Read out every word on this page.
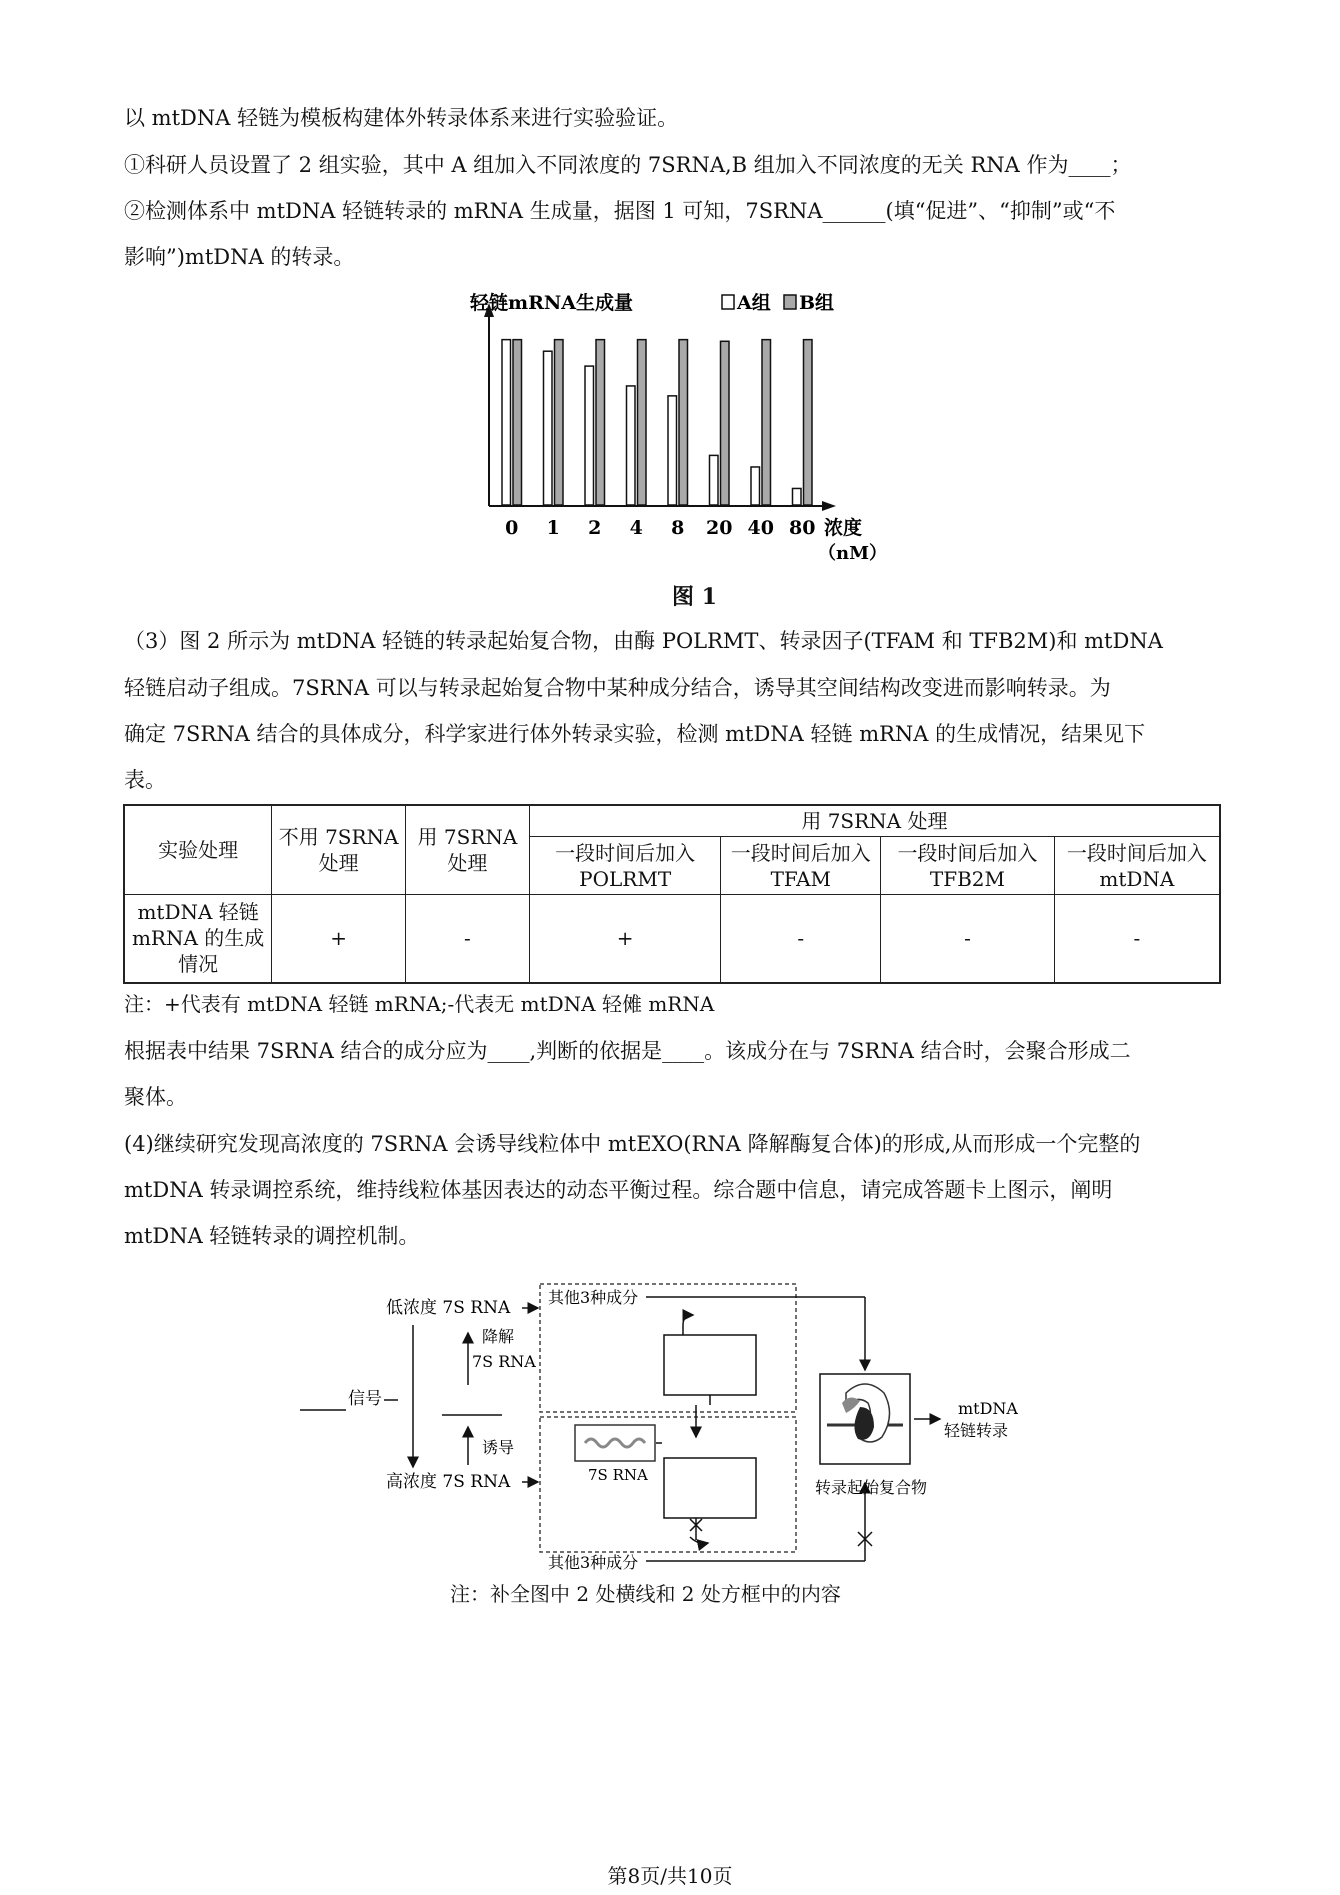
以 mtDNA 轻链为模板构建体外转录体系来进行实验验证。
①科研人员设置了 2 组实验，其中 A 组加入不同浓度的 7SRNA,B 组加入不同浓度的无关 RNA 作为____；
②检测体系中 mtDNA 轻链转录的 mRNA 生成量，据图 1 可知，7SRNA______(填“促进”、“抑制”或“不
影响”)mtDNA 的转录。
0 1 2 4 8 20 40 80
轻链mRNA生成量	A组 B组
浓度
（nM）
图 1
（3）图 2 所示为 mtDNA 轻链的转录起始复合物，由酶 POLRMT、转录因子(TFAM 和 TFB2M)和 mtDNA
轻链启动子组成。7SRNA 可以与转录起始复合物中某种成分结合，诱导其空间结构改变进而影响转录。为
确定 7SRNA 结合的具体成分，科学家进行体外转录实验，检测 mtDNA 轻链 mRNA 的生成情况，结果见下
表。
实验处理	不用 7SRNA 处理	用 7SRNA 处理	用 7SRNA 处理			
			一段时间后加入 POLRMT	一段时间后加入 TFAM	一段时间后加入 TFB2M	一段时间后加入 mtDNA
mtDNA 轻链 mRNA 的生成情况	+	-	+	-	-	-
注：+代表有 mtDNA 轻链 mRNA;-代表无 mtDNA 轻傩 mRNA
根据表中结果 7SRNA 结合的成分应为____,判断的依据是____。该成分在与 7SRNA 结合时，会聚合形成二
聚体。
(4)继续研究发现高浓度的 7SRNA 会诱导线粒体中 mtEXO(RNA 降解酶复合体)的形成,从而形成一个完整的
mtDNA 转录调控系统，维持线粒体基因表达的动态平衡过程。综合题中信息，请完成答题卡上图示，阐明
mtDNA 轻链转录的调控机制。
低浓度 7S RNA
高浓度 7S RNA
信号
降解
7S RNA
诱导
其他3种成分
7S RNA
其他3种成分
转录起始复合物
mtDNA
轻链转录
注：补全图中 2 处横线和 2 处方框中的内容
第8页/共10页
